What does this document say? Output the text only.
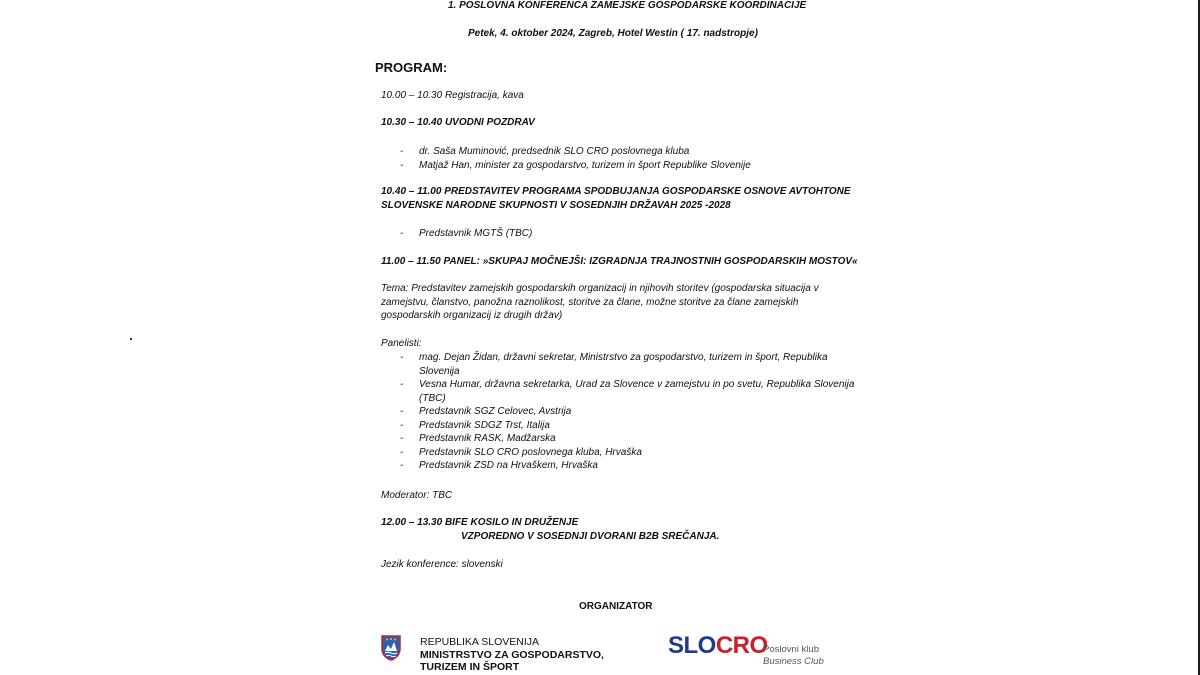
1. POSLOVNA KONFERENCA ZAMEJSKE GOSPODARSKE KOORDINACIJE
Petek, 4. oktober 2024, Zagreb, Hotel Westin ( 17. nadstropje)
PROGRAM:
10.00 – 10.30 Registracija, kava
10.30 – 10.40 UVODNI POZDRAV
- dr. Saša Muminović, predsednik SLO CRO poslovnega kluba
- Matjaž Han, minister za gospodarstvo, turizem in šport Republike Slovenije
10.40 – 11.00 PREDSTAVITEV PROGRAMA SPODBUJANJA GOSPODARSKE OSNOVE AVTOHTONE
SLOVENSKE NARODNE SKUPNOSTI V SOSEDNJIH DRŽAVAH 2025 -2028
- Predstavnik MGTŠ (TBC)
11.00 – 11.50 PANEL: »SKUPAJ MOČNEJŠI: IZGRADNJA TRAJNOSTNIH GOSPODARSKIH MOSTOV«
Tema: Predstavitev zamejskih gospodarskih organizacij in njihovih storitev (gospodarska situacija v zamejstvu, članstvo, panožna raznolikost, storitve za člane, možne storitve za člane zamejskih gospodarskih organizacij iz drugih držav)
Panelisti:
- mag. Dejan Židan, državni sekretar, Ministrstvo za gospodarstvo, turizem in šport, Republika Slovenija
- Vesna Humar, državna sekretarka, Urad za Slovence v zamejstvu in po svetu, Republika Slovenija (TBC)
- Predstavnik SGZ Celovec, Avstrija
- Predstavnik SDGZ Trst, Italija
- Predstavnik RASK, Madžarska
- Predstavnik SLO CRO poslovnega kluba, Hrvaška
- Predstavnik ZSD na Hrvaškem, Hrvaška
Moderator: TBC
12.00 – 13.30 BIFE KOSILO IN DRUŽENJE
VZPOREDNO V SOSEDNJI DVORANI B2B SREČANJA.
Jezik konference: slovenski
ORGANIZATOR
REPUBLIKA SLOVENIJA
MINISTRSTVO ZA GOSPODARSTVO,
TURIZEM IN ŠPORT
SLOCRO
Poslovni klub
Business Club
